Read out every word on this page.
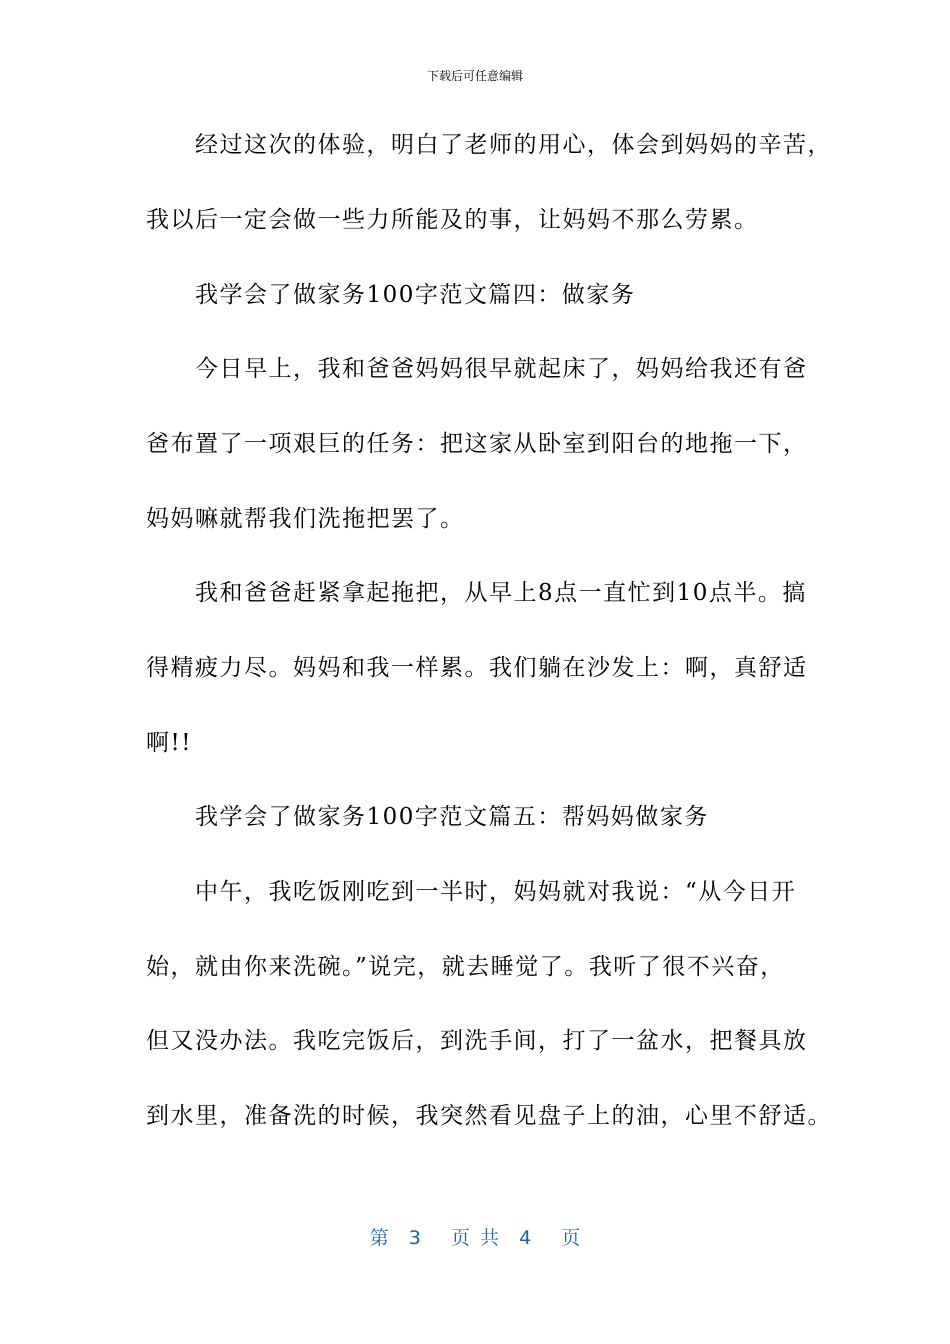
下载后可任意编辑
　　经过这次的体验，明白了老师的用心，体会到妈妈的辛苦，
我以后一定会做一些力所能及的事，让妈妈不那么劳累。
　　我学会了做家务100字范文篇四：做家务
　　今日早上，我和爸爸妈妈很早就起床了，妈妈给我还有爸
爸布置了一项艰巨的任务：把这家从卧室到阳台的地拖一下，
妈妈嘛就帮我们洗拖把罢了。
　　我和爸爸赶紧拿起拖把，从早上8点一直忙到10点半。搞
得精疲力尽。妈妈和我一样累。我们躺在沙发上：啊，真舒适
啊!!
　　我学会了做家务100字范文篇五：帮妈妈做家务
　　中午，我吃饭刚吃到一半时，妈妈就对我说：“从今日开
始，就由你来洗碗。”说完，就去睡觉了。我听了很不兴奋，
但又没办法。我吃完饭后，到洗手间，打了一盆水，把餐具放
到水里，准备洗的时候，我突然看见盘子上的油，心里不舒适。
第  3   页 共  4   页
